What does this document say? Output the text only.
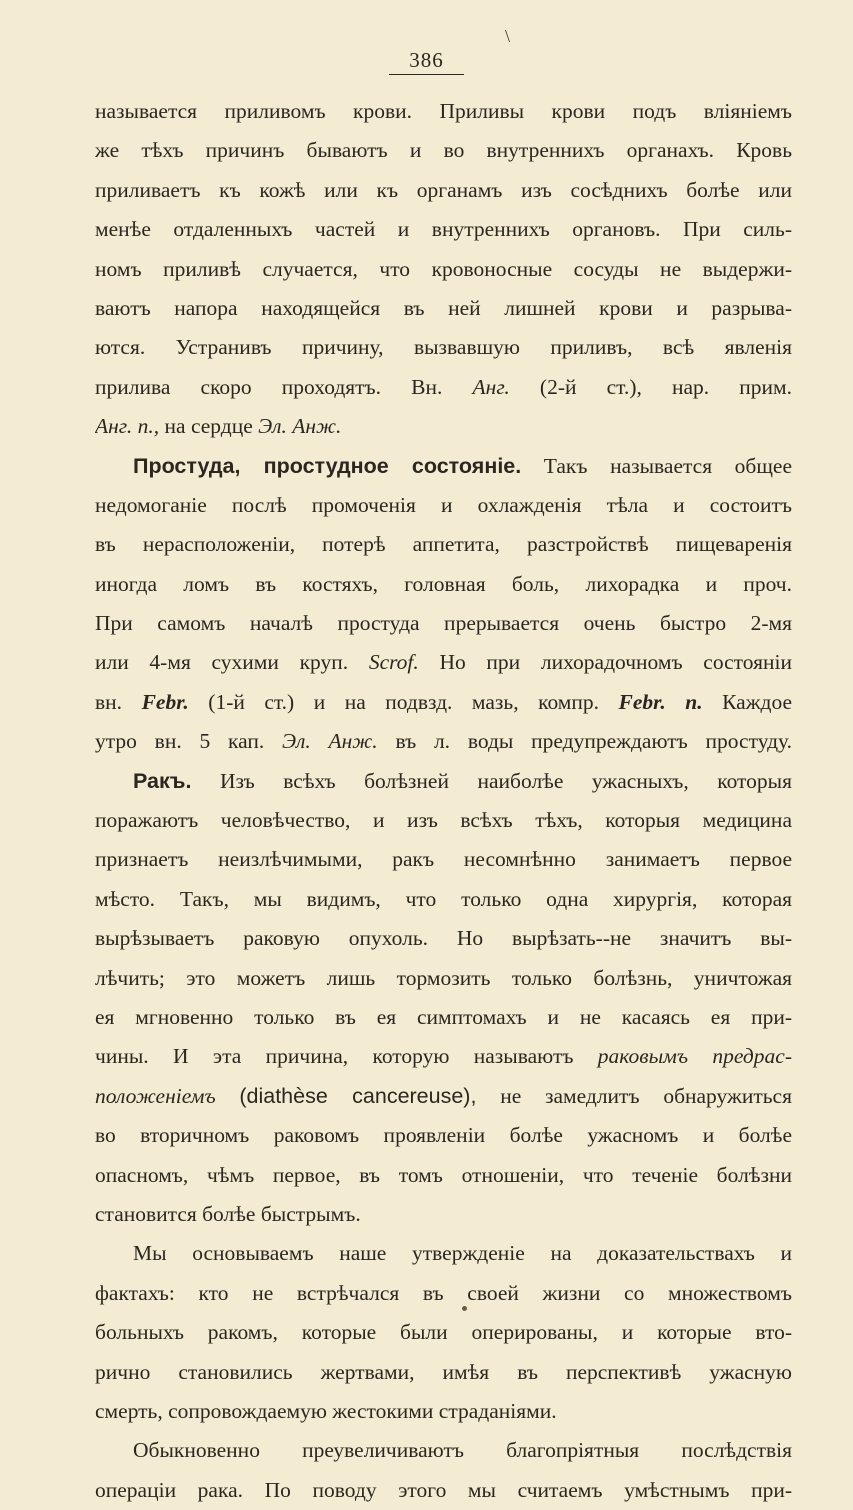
\
386
называется приливомъ крови. Приливы крови подъ вліяніемъ
же тѣхъ причинъ бываютъ и во внутреннихъ органахъ. Кровь
приливаетъ къ кожѣ или къ органамъ изъ сосѣднихъ болѣе или
менѣе отдаленныхъ частей и внутреннихъ органовъ. При силь-
номъ приливѣ случается, что кровоносные сосуды не выдержи-
ваютъ напора находящейся въ ней лишней крови и разрыва-
ются. Устранивъ причину, вызвавшую приливъ, всѣ явленія
прилива скоро проходятъ. Вн. Анг. (2-й ст.), нар. прим.
Анг. п., на сердце Эл. Анж.
Простуда, простудное состояніе. Такъ называется общее
недомоганіе послѣ промоченія и охлажденія тѣла и состоитъ
въ нерасположеніи, потерѣ аппетита, разстройствѣ пищеваренія
иногда ломъ въ костяхъ, головная боль, лихорадка и проч.
При самомъ началѣ простуда прерывается очень быстро 2-мя
или 4-мя сухими круп. Scrof. Но при лихорадочномъ состояніи
вн. Febr. (1-й ст.) и на подвзд. мазь, компр. Febr. п. Каждое
утро вн. 5 кап. Эл. Анж. въ л. воды предупреждаютъ простуду.
Ракъ. Изъ всѣхъ болѣзней наиболѣе ужасныхъ, которыя
поражаютъ человѣчество, и изъ всѣхъ тѣхъ, которыя медицина
признаетъ неизлѣчимыми, ракъ несомнѣнно занимаетъ первое
мѣсто. Такъ, мы видимъ, что только одна хирургія, которая
вырѣзываетъ раковую опухоль. Но вырѣзать--не значитъ вы-
лѣчить; это можетъ лишь тормозить только болѣзнь, уничтожая
ея мгновенно только въ ея симптомахъ и не касаясь ея при-
чины. И эта причина, которую называютъ раковымъ предрас-
положеніемъ (diathèse cancereuse), не замедлитъ обнаружиться
во вторичномъ раковомъ проявленіи болѣе ужасномъ и болѣе
опасномъ, чѣмъ первое, въ томъ отношеніи, что теченіе болѣзни
становится болѣе быстрымъ.
Мы основываемъ наше утвержденіе на доказательствахъ и
фактахъ: кто не встрѣчался въ своей жизни со множествомъ
больныхъ ракомъ, которые были оперированы, и которые вто-
рично становились жертвами, имѣя въ перспективѣ ужасную
смерть, сопровождаемую жестокими страданіями.
Обыкновенно преувеличиваютъ благопріятныя послѣдствія
операціи рака. По поводу этого мы считаемъ умѣстнымъ при-
